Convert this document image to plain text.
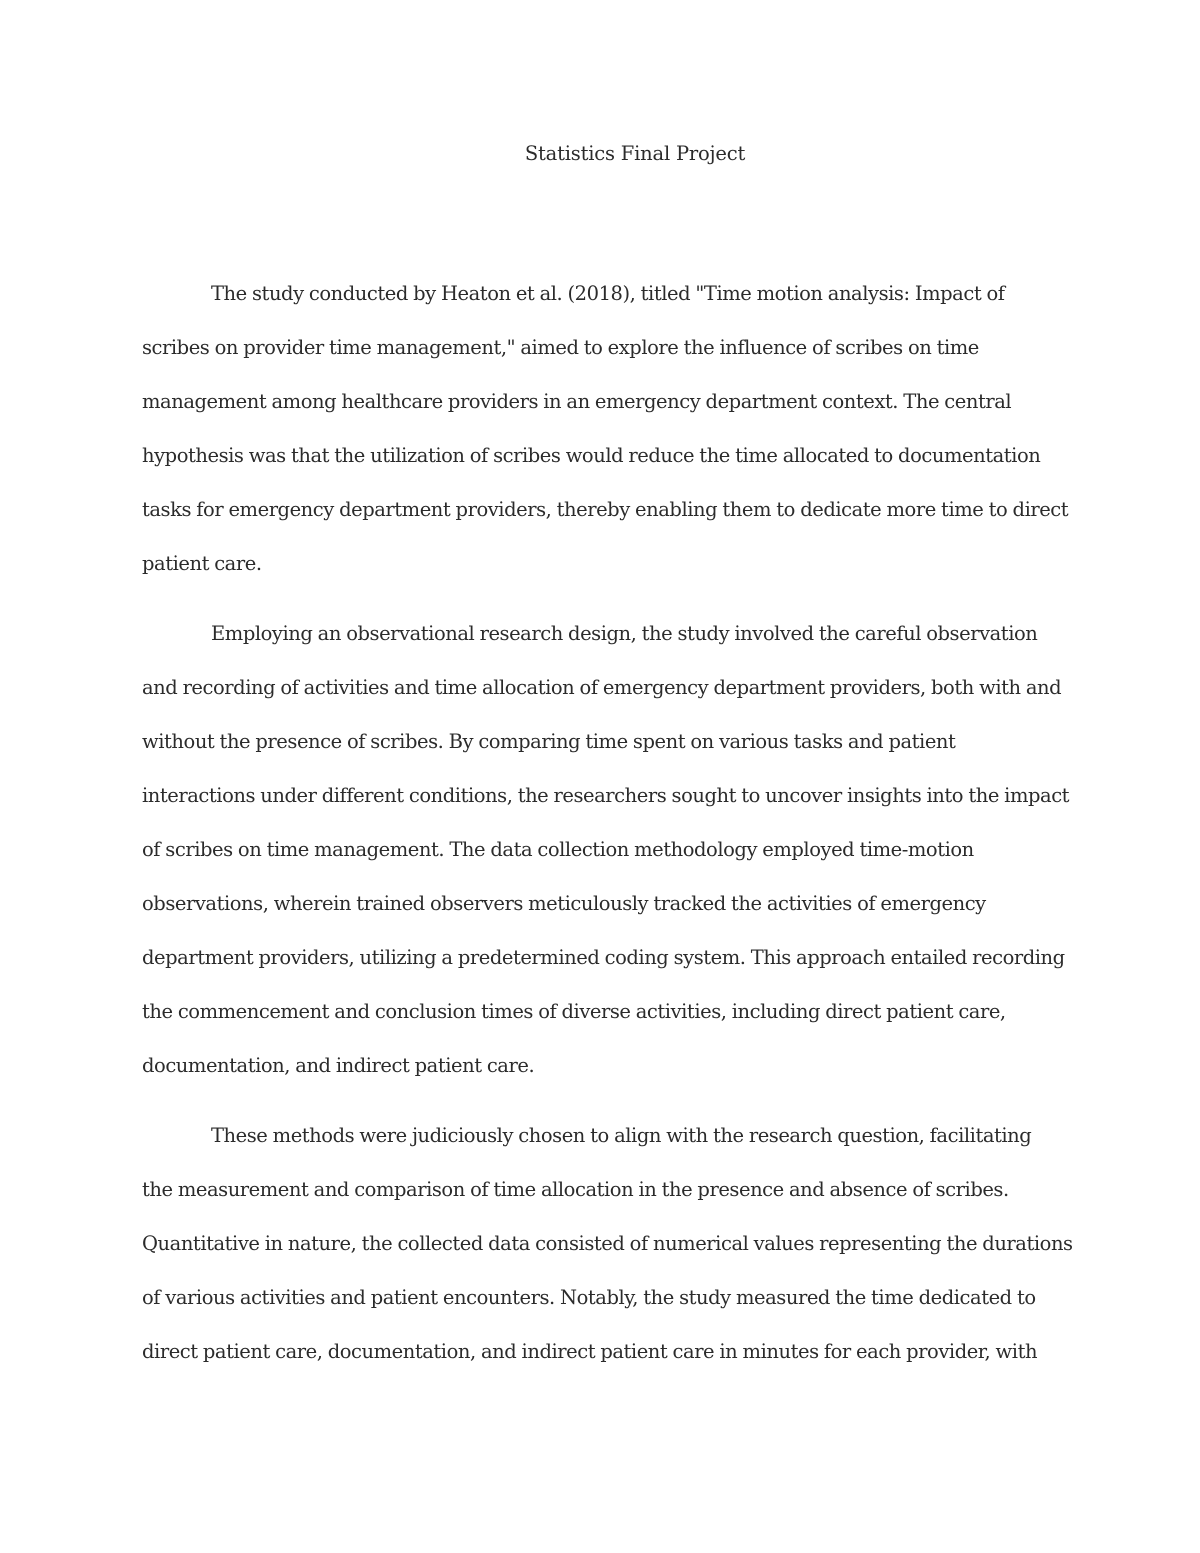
Statistics Final Project
The study conducted by Heaton et al. (2018), titled "Time motion analysis: Impact of
scribes on provider time management," aimed to explore the influence of scribes on time
management among healthcare providers in an emergency department context. The central
hypothesis was that the utilization of scribes would reduce the time allocated to documentation
tasks for emergency department providers, thereby enabling them to dedicate more time to direct
patient care.
Employing an observational research design, the study involved the careful observation
and recording of activities and time allocation of emergency department providers, both with and
without the presence of scribes. By comparing time spent on various tasks and patient
interactions under different conditions, the researchers sought to uncover insights into the impact
of scribes on time management. The data collection methodology employed time-motion
observations, wherein trained observers meticulously tracked the activities of emergency
department providers, utilizing a predetermined coding system. This approach entailed recording
the commencement and conclusion times of diverse activities, including direct patient care,
documentation, and indirect patient care.
These methods were judiciously chosen to align with the research question, facilitating
the measurement and comparison of time allocation in the presence and absence of scribes.
Quantitative in nature, the collected data consisted of numerical values representing the durations
of various activities and patient encounters. Notably, the study measured the time dedicated to
direct patient care, documentation, and indirect patient care in minutes for each provider, with
